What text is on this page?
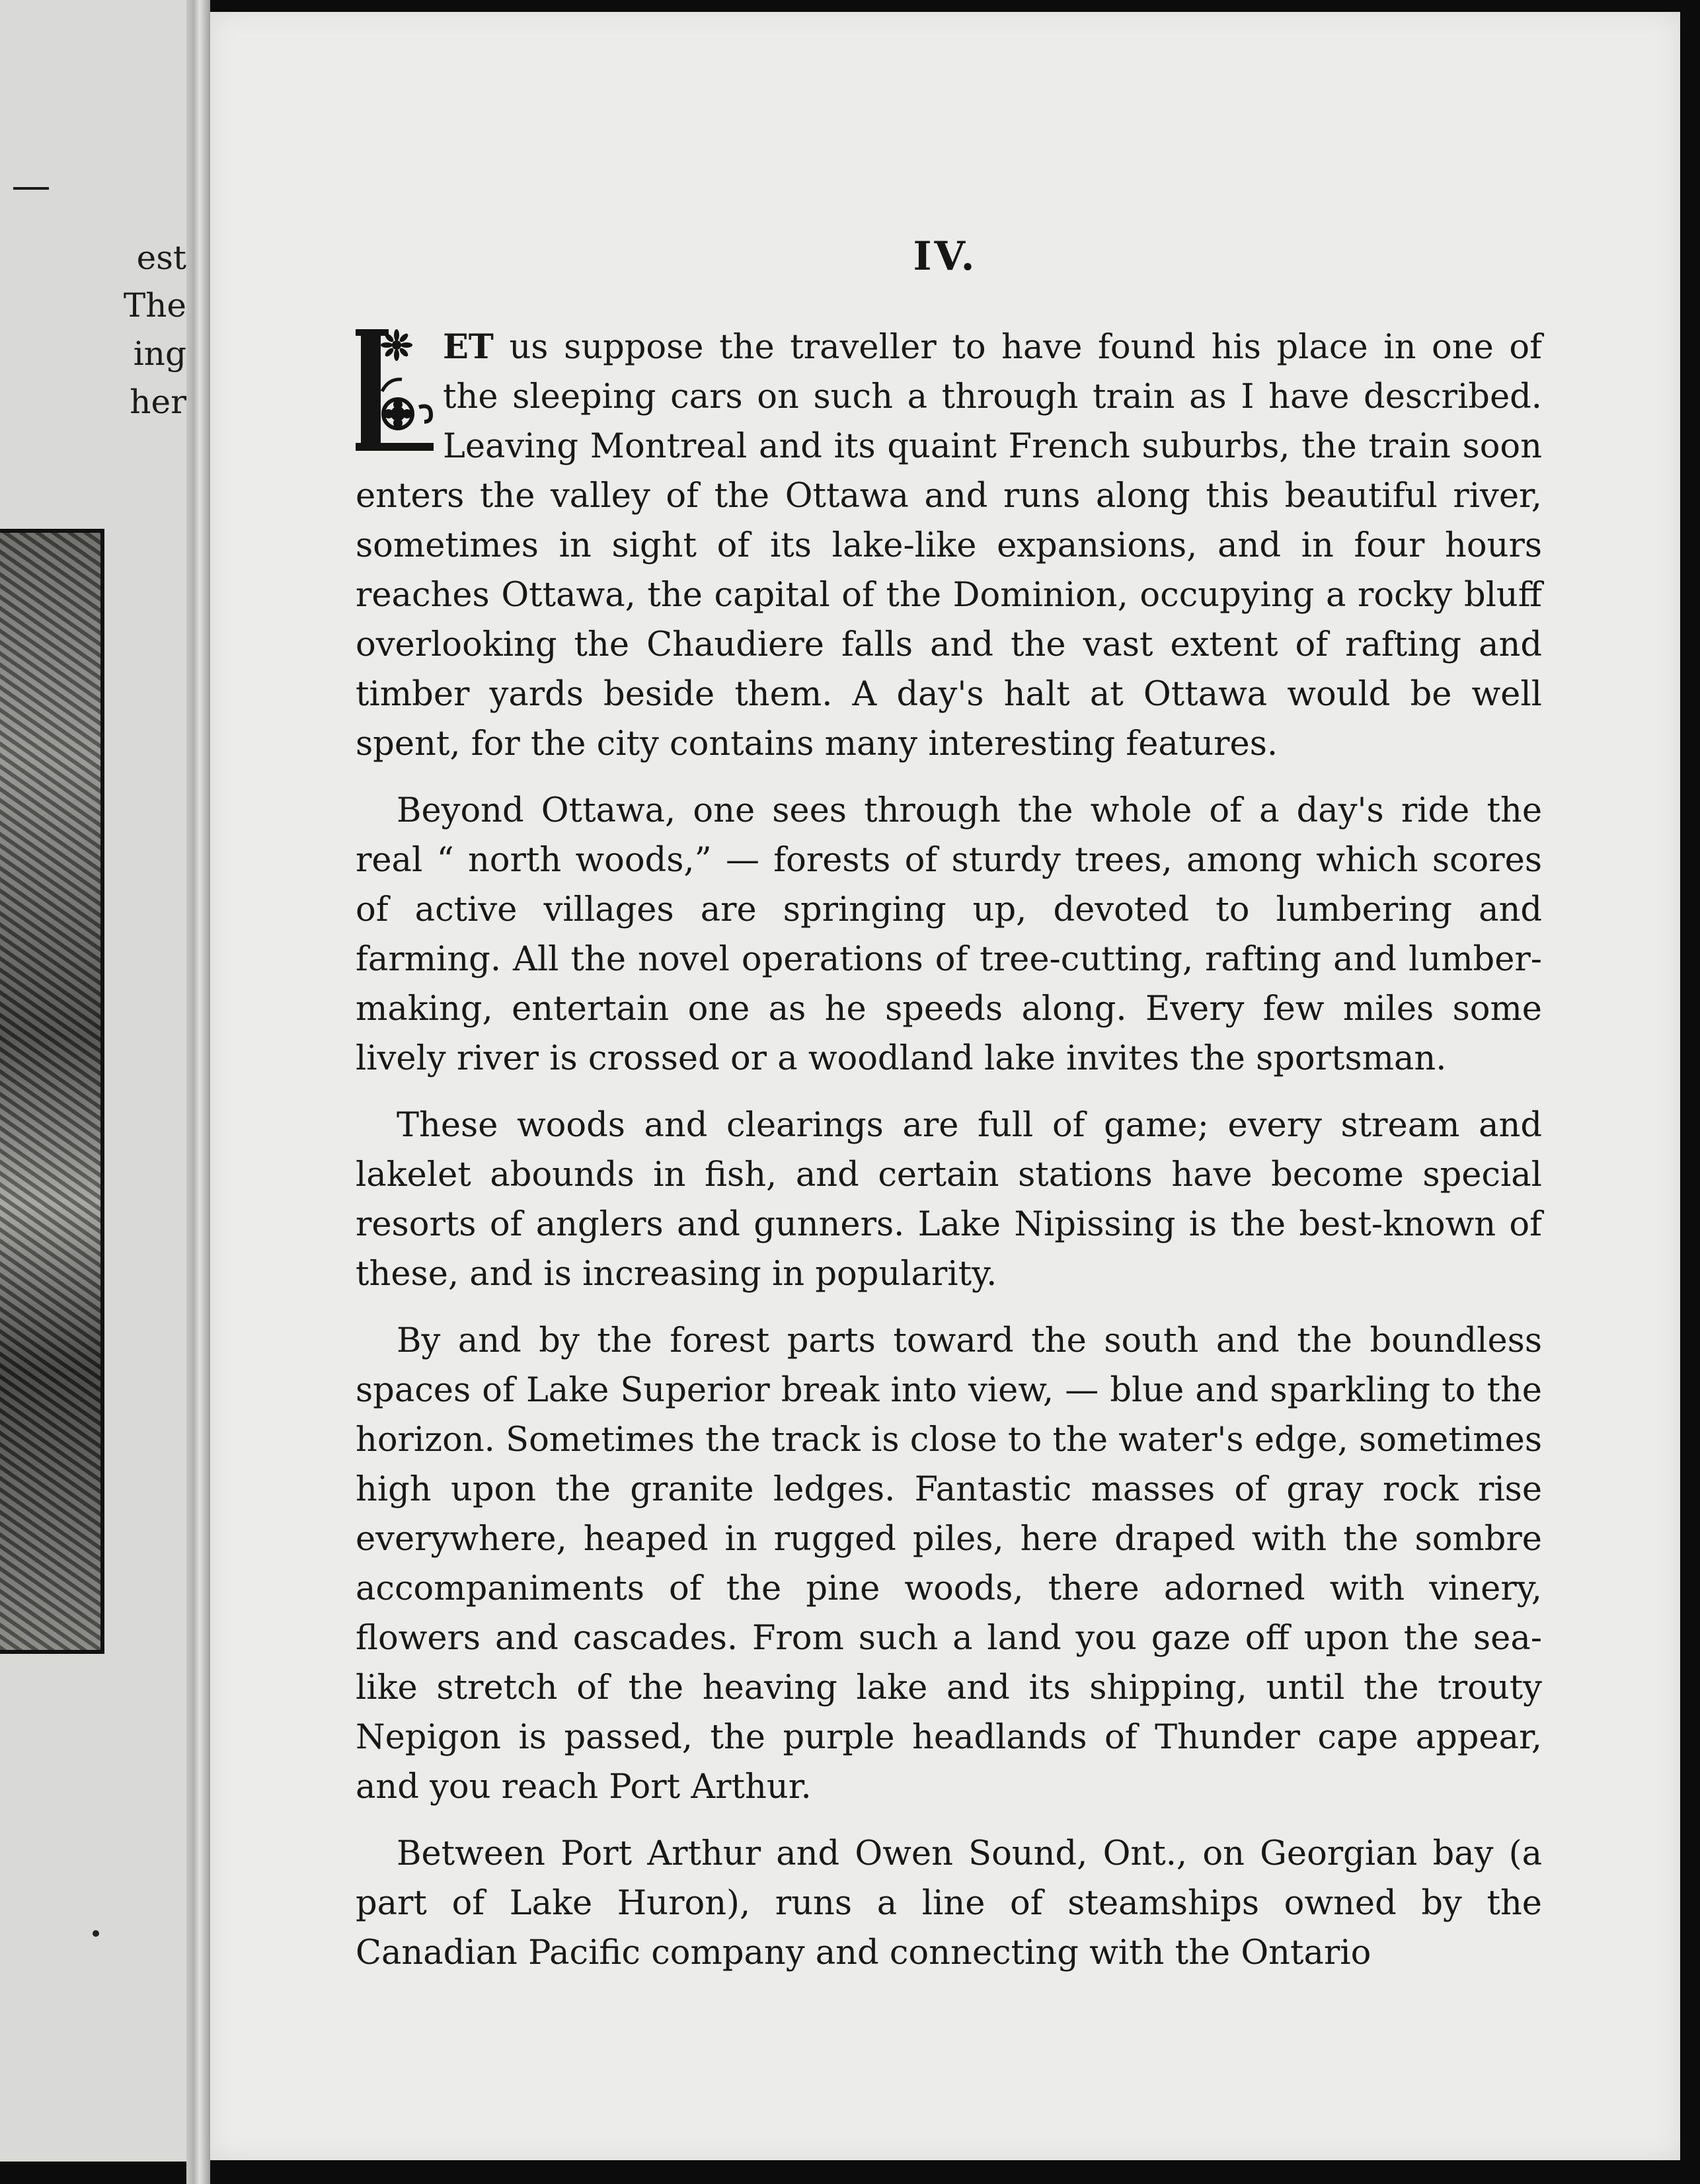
est
The
ing
her
IV.

ET us suppose the traveller to have found his place in one of the sleeping cars on such a through train as I have described. Leaving Montreal and its quaint French suburbs, the train soon enters the valley of the Ottawa and runs along this beautiful river, sometimes in sight of its lake-like expansions, and in four hours reaches Ottawa, the capital of the Dominion, occupying a rocky bluff overlooking the Chaudiere falls and the vast extent of rafting and timber yards beside them. A day's halt at Ottawa would be well spent, for the city contains many interesting features.

Beyond Ottawa, one sees through the whole of a day's ride the real “ north woods,” — forests of sturdy trees, among which scores of active villages are springing up, devoted to lumbering and farming. All the novel operations of tree-cutting, rafting and lumber-making, entertain one as he speeds along. Every few miles some lively river is crossed or a woodland lake invites the sportsman.

These woods and clearings are full of game; every stream and lakelet abounds in fish, and certain stations have become special resorts of anglers and gunners. Lake Nipissing is the best-known of these, and is increasing in popularity.

By and by the forest parts toward the south and the boundless spaces of Lake Superior break into view, — blue and sparkling to the horizon. Sometimes the track is close to the water's edge, sometimes high upon the granite ledges. Fantastic masses of gray rock rise everywhere, heaped in rugged piles, here draped with the sombre accompaniments of the pine woods, there adorned with vinery, flowers and cascades. From such a land you gaze off upon the sea-like stretch of the heaving lake and its shipping, until the trouty Nepigon is passed, the purple headlands of Thunder cape appear, and you reach Port Arthur.

Between Port Arthur and Owen Sound, Ont., on Georgian bay (a part of Lake Huron), runs a line of steamships owned by the Canadian Pacific company and connecting with the Ontario
